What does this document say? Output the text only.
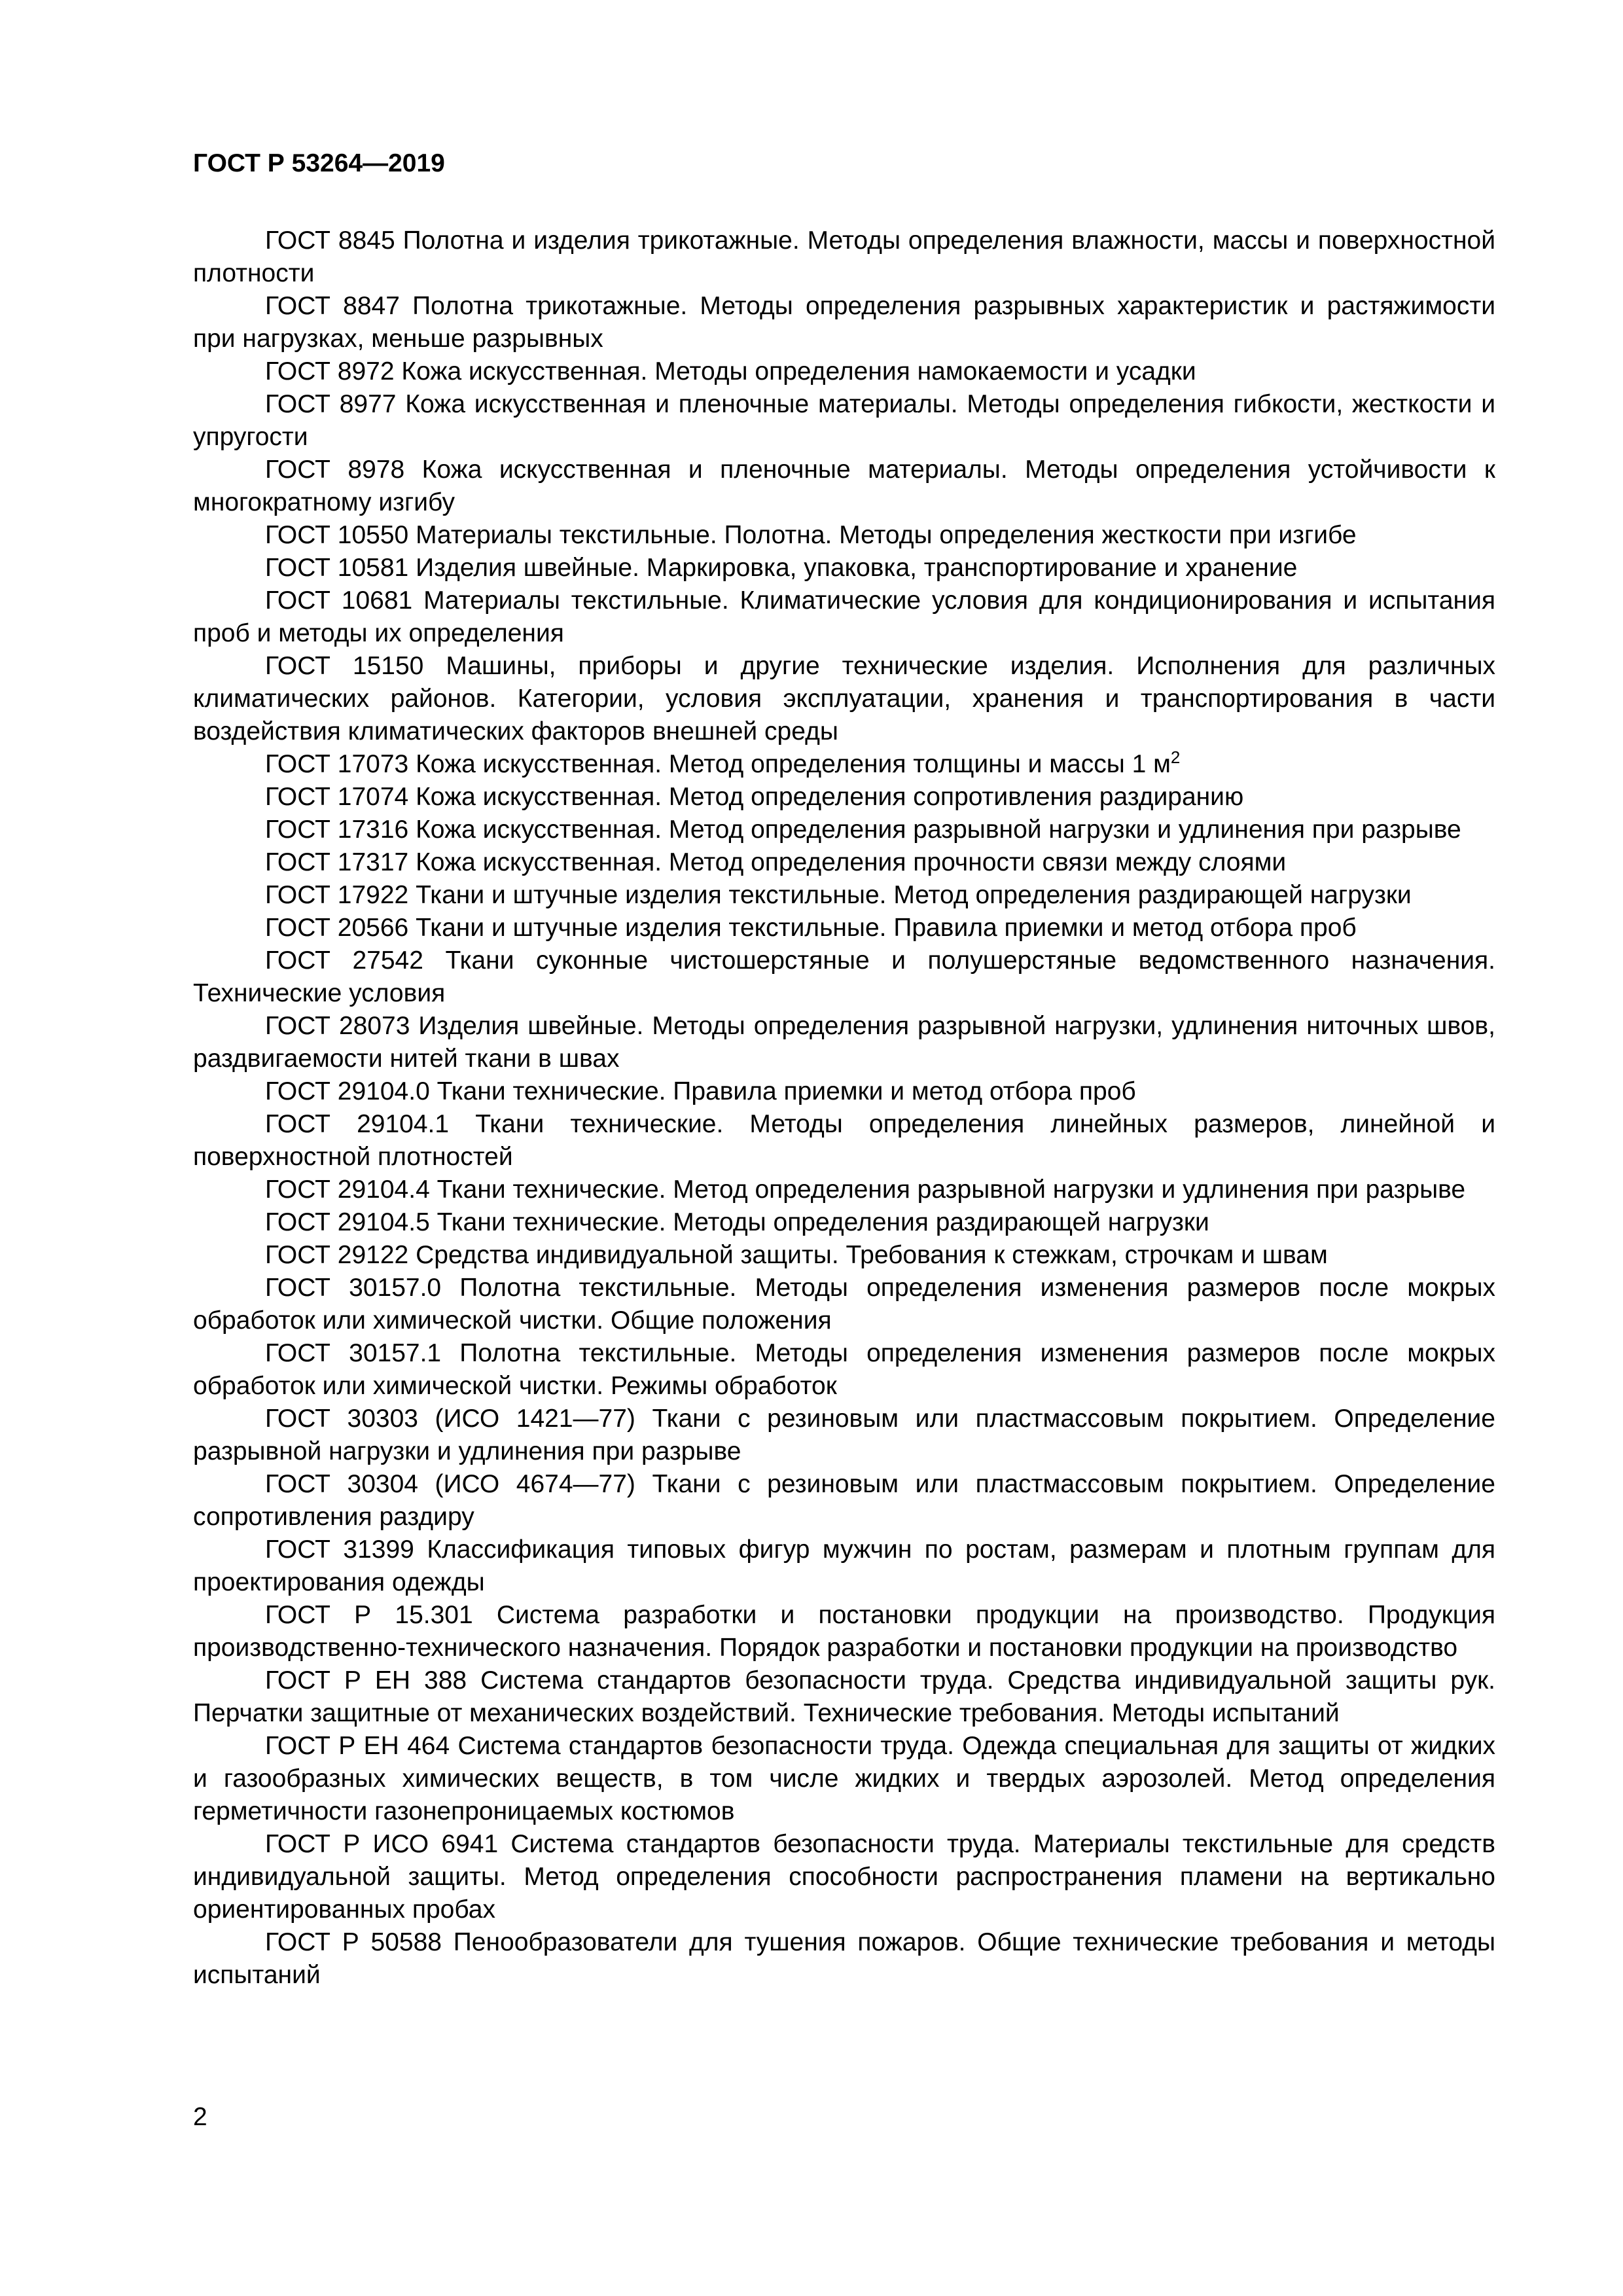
ГОСТ Р 53264—2019

ГОСТ 8845 Полотна и изделия трикотажные. Методы определения влажности, массы и поверхностной плотности

ГОСТ 8847 Полотна трикотажные. Методы определения разрывных характеристик и растяжимости при нагрузках, меньше разрывных

ГОСТ 8972 Кожа искусственная. Методы определения намокаемости и усадки

ГОСТ 8977 Кожа искусственная и пленочные материалы. Методы определения гибкости, жесткости и упругости

ГОСТ 8978 Кожа искусственная и пленочные материалы. Методы определения устойчивости к многократному изгибу

ГОСТ 10550 Материалы текстильные. Полотна. Методы определения жесткости при изгибе

ГОСТ 10581 Изделия швейные. Маркировка, упаковка, транспортирование и хранение

ГОСТ 10681 Материалы текстильные. Климатические условия для кондиционирования и испытания проб и методы их определения

ГОСТ 15150 Машины, приборы и другие технические изделия. Исполнения для различных климатических районов. Категории, условия эксплуатации, хранения и транспортирования в части воздействия климатических факторов внешней среды

ГОСТ 17073 Кожа искусственная. Метод определения толщины и массы 1 $м^2$

ГОСТ 17074 Кожа искусственная. Метод определения сопротивления раздиранию

ГОСТ 17316 Кожа искусственная. Метод определения разрывной нагрузки и удлинения при разрыве

ГОСТ 17317 Кожа искусственная. Метод определения прочности связи между слоями

ГОСТ 17922 Ткани и штучные изделия текстильные. Метод определения раздирающей нагрузки

ГОСТ 20566 Ткани и штучные изделия текстильные. Правила приемки и метод отбора проб

ГОСТ 27542 Ткани суконные чистошерстяные и полушерстяные ведомственного назначения. Технические условия

ГОСТ 28073 Изделия швейные. Методы определения разрывной нагрузки, удлинения ниточных швов, раздвигаемости нитей ткани в швах

ГОСТ 29104.0 Ткани технические. Правила приемки и метод отбора проб

ГОСТ 29104.1 Ткани технические. Методы определения линейных размеров, линейной и поверхностной плотностей

ГОСТ 29104.4 Ткани технические. Метод определения разрывной нагрузки и удлинения при разрыве

ГОСТ 29104.5 Ткани технические. Методы определения раздирающей нагрузки

ГОСТ 29122 Средства индивидуальной защиты. Требования к стежкам, строчкам и швам

ГОСТ 30157.0 Полотна текстильные. Методы определения изменения размеров после мокрых обработок или химической чистки. Общие положения

ГОСТ 30157.1 Полотна текстильные. Методы определения изменения размеров после мокрых обработок или химической чистки. Режимы обработок

ГОСТ 30303 (ИСО 1421—77) Ткани с резиновым или пластмассовым покрытием. Определение разрывной нагрузки и удлинения при разрыве

ГОСТ 30304 (ИСО 4674—77) Ткани с резиновым или пластмассовым покрытием. Определение сопротивления раздиру

ГОСТ 31399 Классификация типовых фигур мужчин по ростам, размерам и плотным группам для проектирования одежды

ГОСТ Р 15.301 Система разработки и постановки продукции на производство. Продукция производственно-технического назначения. Порядок разработки и постановки продукции на производство

ГОСТ Р ЕН 388 Система стандартов безопасности труда. Средства индивидуальной защиты рук. Перчатки защитные от механических воздействий. Технические требования. Методы испытаний

ГОСТ Р ЕН 464 Система стандартов безопасности труда. Одежда специальная для защиты от жидких и газообразных химических веществ, в том числе жидких и твердых аэрозолей. Метод определения герметичности газонепроницаемых костюмов

ГОСТ Р ИСО 6941 Система стандартов безопасности труда. Материалы текстильные для средств индивидуальной защиты. Метод определения способности распространения пламени на вертикально ориентированных пробах

ГОСТ Р 50588 Пенообразователи для тушения пожаров. Общие технические требования и методы испытаний

2
